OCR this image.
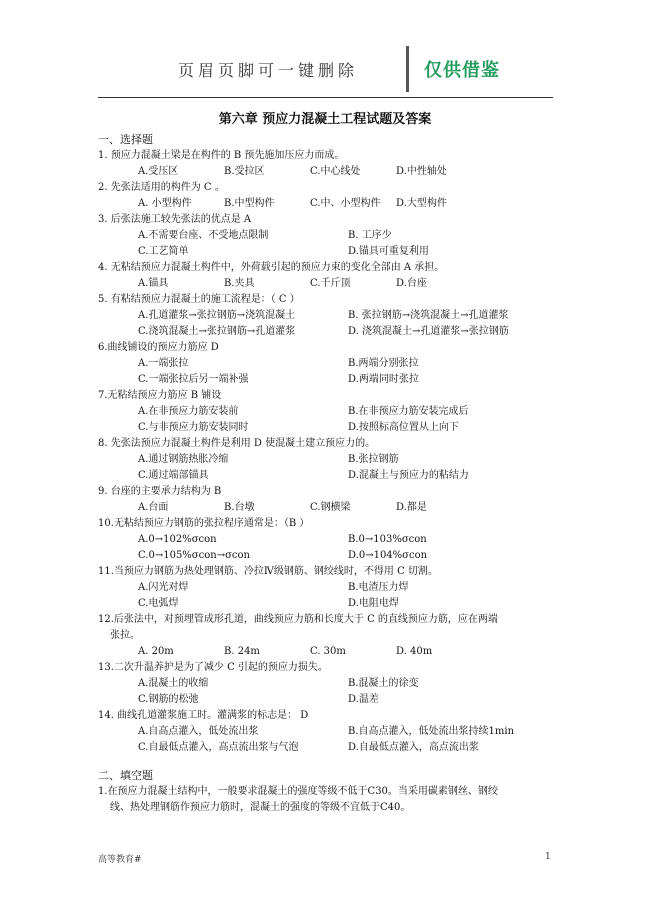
页眉页脚可一键删除	仅供借鉴
第六章 预应力混凝土工程试题及答案
一、选择题
1. 预应力混凝土梁是在构件的 B 预先施加压应力而成。
A.受压区	B.受拉区	C.中心线处	D.中性轴处
2. 先张法适用的构件为 C 。
A. 小型构件	B.中型构件	C.中、小型构件 D.大型构件
3. 后张法施工较先张法的优点是 A
A.不需要台座、不受地点限制	B. 工序少
C.工艺简单	D.锚具可重复利用
4. 无粘结预应力混凝土构件中，外荷载引起的预应力束的变化全部由 A 承担。
A.锚具	B.夹具	C.千斤顶	D.台座
5. 有粘结预应力混凝土的施工流程是：（ C ）
A.孔道灌浆→张拉钢筋→浇筑混凝土	B. 张拉钢筋→浇筑混凝土→孔道灌浆
C.浇筑混凝土→张拉钢筋→孔道灌浆	D. 浇筑混凝土→孔道灌浆→张拉钢筋
6.曲线铺设的预应力筋应 D
A.一端张拉	B.两端分别张拉
C.一端张拉后另一端补强	D.两端同时张拉
7.无粘结预应力筋应 B 铺设
A.在非预应力筋安装前	B.在非预应力筋安装完成后
C.与非预应力筋安装同时	D.按照标高位置从上向下
8. 先张法预应力混凝土构件是利用 D 使混凝土建立预应力的。
A.通过钢筋热胀冷缩	B.张拉钢筋
C.通过端部锚具	D.混凝土与预应力的粘结力
9. 台座的主要承力结构为 B
A.台面	B.台墩	C.钢横梁	D.都是
10.无粘结预应力钢筋的张拉程序通常是：（B ）
A.0→102%σcon	B.0→103%σcon
C.0→105%σcon→σcon	D.0→104%σcon
11.当预应力钢筋为热处理钢筋、冷拉Ⅳ级钢筋、钢绞线时，不得用 C 切割。
A.闪光对焊	B.电渣压力焊
C.电弧焊	D.电阻电焊
12.后张法中，对预埋管成形孔道，曲线预应力筋和长度大于 C 的直线预应力筋，应在两端
张拉。
A. 20m	B. 24m	C. 30m	D. 40m
13.二次升温养护是为了减少 C 引起的预应力损失。
A.混凝土的收缩	B.混凝土的徐变
C.钢筋的松弛	D.温差
14. 曲线孔道灌浆施工时。灌满浆的标志是： D
A.自高点灌入，低处流出浆	B.自高点灌入，低处流出浆持续1min
C.自最低点灌入，高点流出浆与气泡	D.自最低点灌入，高点流出浆
二、填空题
1.在预应力混凝土结构中，一般要求混凝土的强度等级不低于C30。当采用碳素钢丝、钢绞
线、热处理钢筋作预应力筋时，混凝土的强度的等级不宜低于C40。
高等教育#	1
